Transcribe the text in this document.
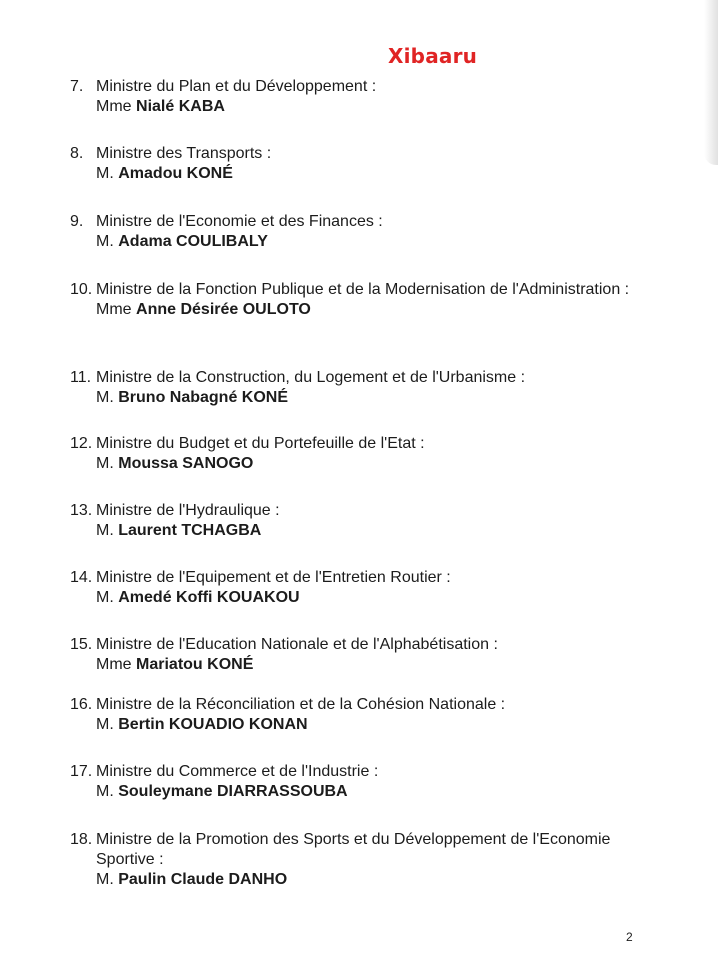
Xibaaru
7. Ministre du Plan et du Développement :
Mme Nialé KABA
8. Ministre des Transports :
M. Amadou KONÉ
9. Ministre de l'Economie et des Finances :
M. Adama COULIBALY
10. Ministre de la Fonction Publique et de la Modernisation de l'Administration :
Mme Anne Désirée OULOTO
11. Ministre de la Construction, du Logement et de l'Urbanisme :
M. Bruno Nabagné KONÉ
12. Ministre du Budget et du Portefeuille de l'Etat :
M. Moussa SANOGO
13. Ministre de l'Hydraulique :
M. Laurent TCHAGBA
14. Ministre de l'Equipement et de l'Entretien Routier :
M. Amedé Koffi KOUAKOU
15. Ministre de l'Education Nationale et de l'Alphabétisation :
Mme Mariatou KONÉ
16. Ministre de la Réconciliation et de la Cohésion Nationale :
M. Bertin KOUADIO KONAN
17. Ministre du Commerce et de l'Industrie :
M. Souleymane DIARRASSOUBA
18. Ministre de la Promotion des Sports et du Développement de l'Economie Sportive :
M. Paulin Claude DANHO
2
